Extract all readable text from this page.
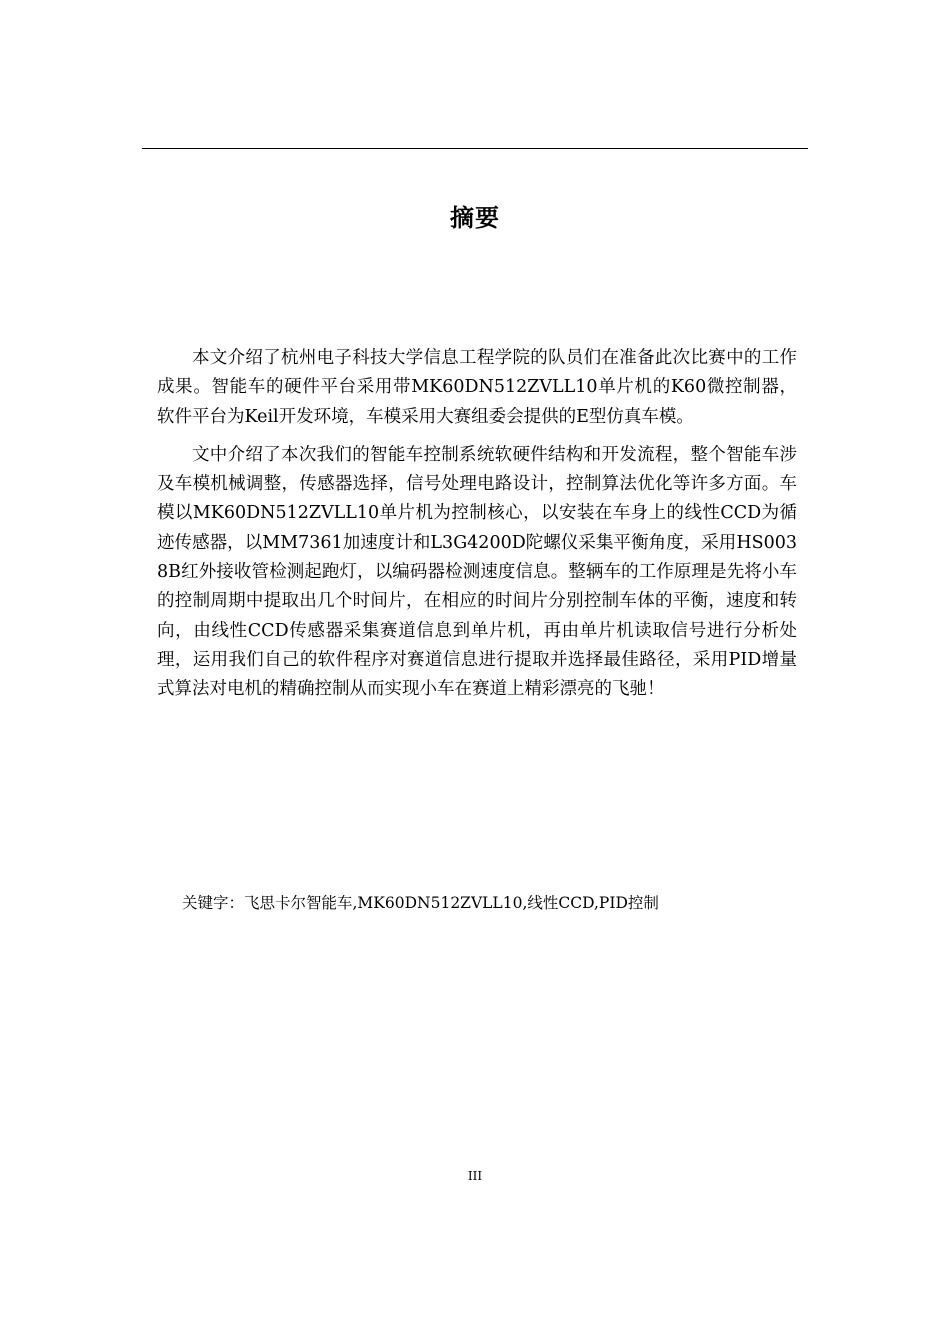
摘要

本文介绍了杭州电子科技大学信息工程学院的队员们在准备此次比赛中的工作成果。智能车的硬件平台采用带MK60DN512ZVLL10单片机的K60微控制器，软件平台为Keil开发环境，车模采用大赛组委会提供的E型仿真车模。

文中介绍了本次我们的智能车控制系统软硬件结构和开发流程，整个智能车涉及车模机械调整，传感器选择，信号处理电路设计，控制算法优化等许多方面。车模以MK60DN512ZVLL10单片机为控制核心，以安装在车身上的线性CCD为循迹传感器，以MM7361加速度计和L3G4200D陀螺仪采集平衡角度，采用HS0038B红外接收管检测起跑灯，以编码器检测速度信息。整辆车的工作原理是先将小车的控制周期中提取出几个时间片，在相应的时间片分别控制车体的平衡，速度和转向，由线性CCD传感器采集赛道信息到单片机，再由单片机读取信号进行分析处理，运用我们自己的软件程序对赛道信息进行提取并选择最佳路径，采用PID增量式算法对电机的精确控制从而实现小车在赛道上精彩漂亮的飞驰！

关键字：飞思卡尔智能车,MK60DN512ZVLL10,线性CCD,PID控制
III
